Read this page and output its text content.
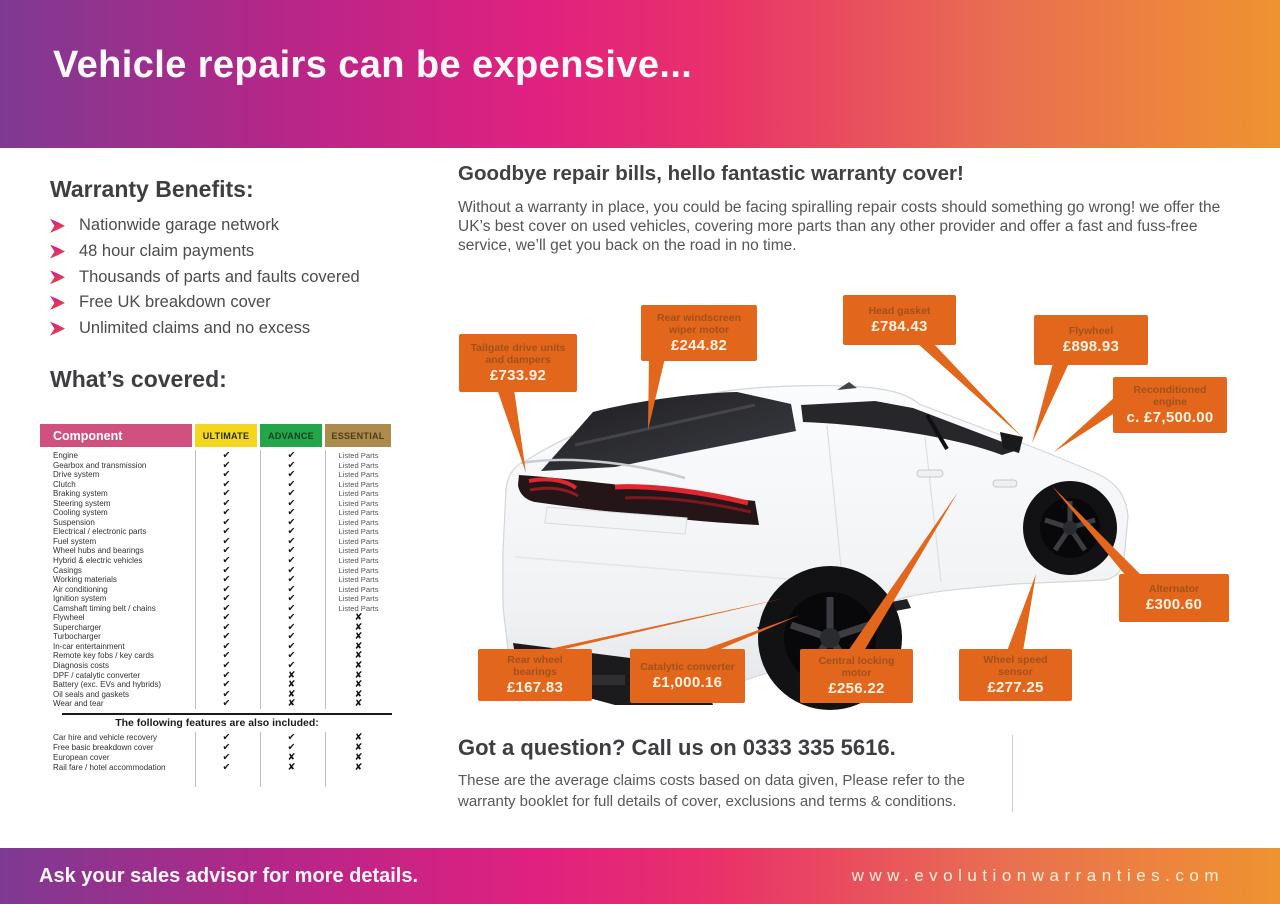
Vehicle repairs can be expensive...
Warranty Benefits:
Nationwide garage network
48 hour claim payments
Thousands of parts and faults covered
Free UK breakdown cover
Unlimited claims and no excess
What’s covered:
Component	ULTIMATE	ADVANCE	ESSENTIAL
Engine	✔	✔	Listed Parts
Gearbox and transmission	✔	✔	Listed Parts
Drive system	✔	✔	Listed Parts
Clutch	✔	✔	Listed Parts
Braking system	✔	✔	Listed Parts
Steering system	✔	✔	Listed Parts
Cooling system	✔	✔	Listed Parts
Suspension	✔	✔	Listed Parts
Electrical / electronic parts	✔	✔	Listed Parts
Fuel system	✔	✔	Listed Parts
Wheel hubs and bearings	✔	✔	Listed Parts
Hybrid & electric vehicles	✔	✔	Listed Parts
Casings	✔	✔	Listed Parts
Working materials	✔	✔	Listed Parts
Air conditioning	✔	✔	Listed Parts
Ignition system	✔	✔	Listed Parts
Camshaft timing belt / chains	✔	✔	Listed Parts
Flywheel	✔	✔	✘
Supercharger	✔	✔	✘
Turbocharger	✔	✔	✘
In-car entertainment	✔	✔	✘
Remote key fobs / key cards	✔	✔	✘
Diagnosis costs	✔	✔	✘
DPF / catalytic converter	✔	✘	✘
Battery (exc. EVs and hybrids)	✔	✘	✘
Oil seals and gaskets	✔	✘	✘
Wear and tear	✔	✘	✘
The following features are also included:
Car hire and vehicle recovery	✔	✔	✘
Free basic breakdown cover	✔	✔	✘
European cover	✔	✘	✘
Rail fare / hotel accommodation	✔	✘	✘
Goodbye repair bills, hello fantastic warranty cover!
Without a warranty in place, you could be facing spiralling repair costs should something go wrong! we offer the UK’s best cover on used vehicles, covering more parts than any other provider and offer a fast and fuss-free service, we’ll get you back on the road in no time.
Tailgate drive units and dampers
£733.92
Rear windscreen wiper motor
£244.82
Head gasket
£784.43	Flywheel
£898.93
Reconditioned engine
c. £7,500.00
Alternator
£300.60
Rear wheel bearings
£167.83
Catalytic converter
£1,000.16
Central locking motor
£256.22
Wheel speed sensor
£277.25
Got a question? Call us on 0333 335 5616.
These are the average claims costs based on data given, Please refer to the warranty booklet for full details of cover, exclusions and terms & conditions.
Ask your sales advisor for more details.	www.evolutionwarranties.com
